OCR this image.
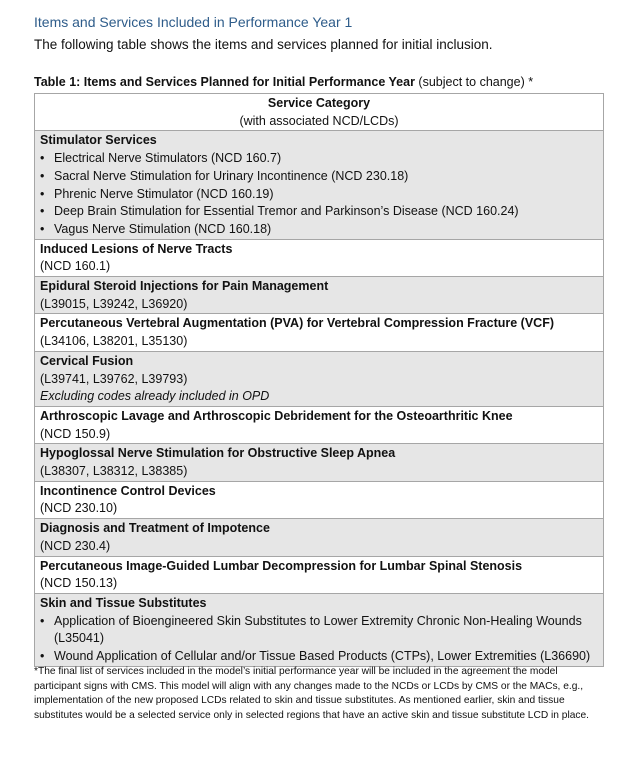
Items and Services Included in Performance Year 1
The following table shows the items and services planned for initial inclusion.
Table 1: Items and Services Planned for Initial Performance Year (subject to change) *
Service Category
(with associated NCD/LCDs)

Stimulator Services
• Electrical Nerve Stimulators (NCD 160.7)
• Sacral Nerve Stimulation for Urinary Incontinence (NCD 230.18)
• Phrenic Nerve Stimulator (NCD 160.19)
• Deep Brain Stimulation for Essential Tremor and Parkinson’s Disease (NCD 160.24)
• Vagus Nerve Stimulation (NCD 160.18)

Induced Lesions of Nerve Tracts
(NCD 160.1)

Epidural Steroid Injections for Pain Management
(L39015, L39242, L36920)

Percutaneous Vertebral Augmentation (PVA) for Vertebral Compression Fracture (VCF)
(L34106, L38201, L35130)

Cervical Fusion
(L39741, L39762, L39793)
Excluding codes already included in OPD

Arthroscopic Lavage and Arthroscopic Debridement for the Osteoarthritic Knee
(NCD 150.9)

Hypoglossal Nerve Stimulation for Obstructive Sleep Apnea
(L38307, L38312, L38385)

Incontinence Control Devices
(NCD 230.10)

Diagnosis and Treatment of Impotence
(NCD 230.4)

Percutaneous Image-Guided Lumbar Decompression for Lumbar Spinal Stenosis
(NCD 150.13)

Skin and Tissue Substitutes
• Application of Bioengineered Skin Substitutes to Lower Extremity Chronic Non-Healing Wounds (L35041)
• Wound Application of Cellular and/or Tissue Based Products (CTPs), Lower Extremities (L36690)
*The final list of services included in the model’s initial performance year will be included in the agreement the model participant signs with CMS. This model will align with any changes made to the NCDs or LCDs by CMS or the MACs, e.g., implementation of the new proposed LCDs related to skin and tissue substitutes. As mentioned earlier, skin and tissue substitutes would be a selected service only in selected regions that have an active skin and tissue substitute LCD in place.
